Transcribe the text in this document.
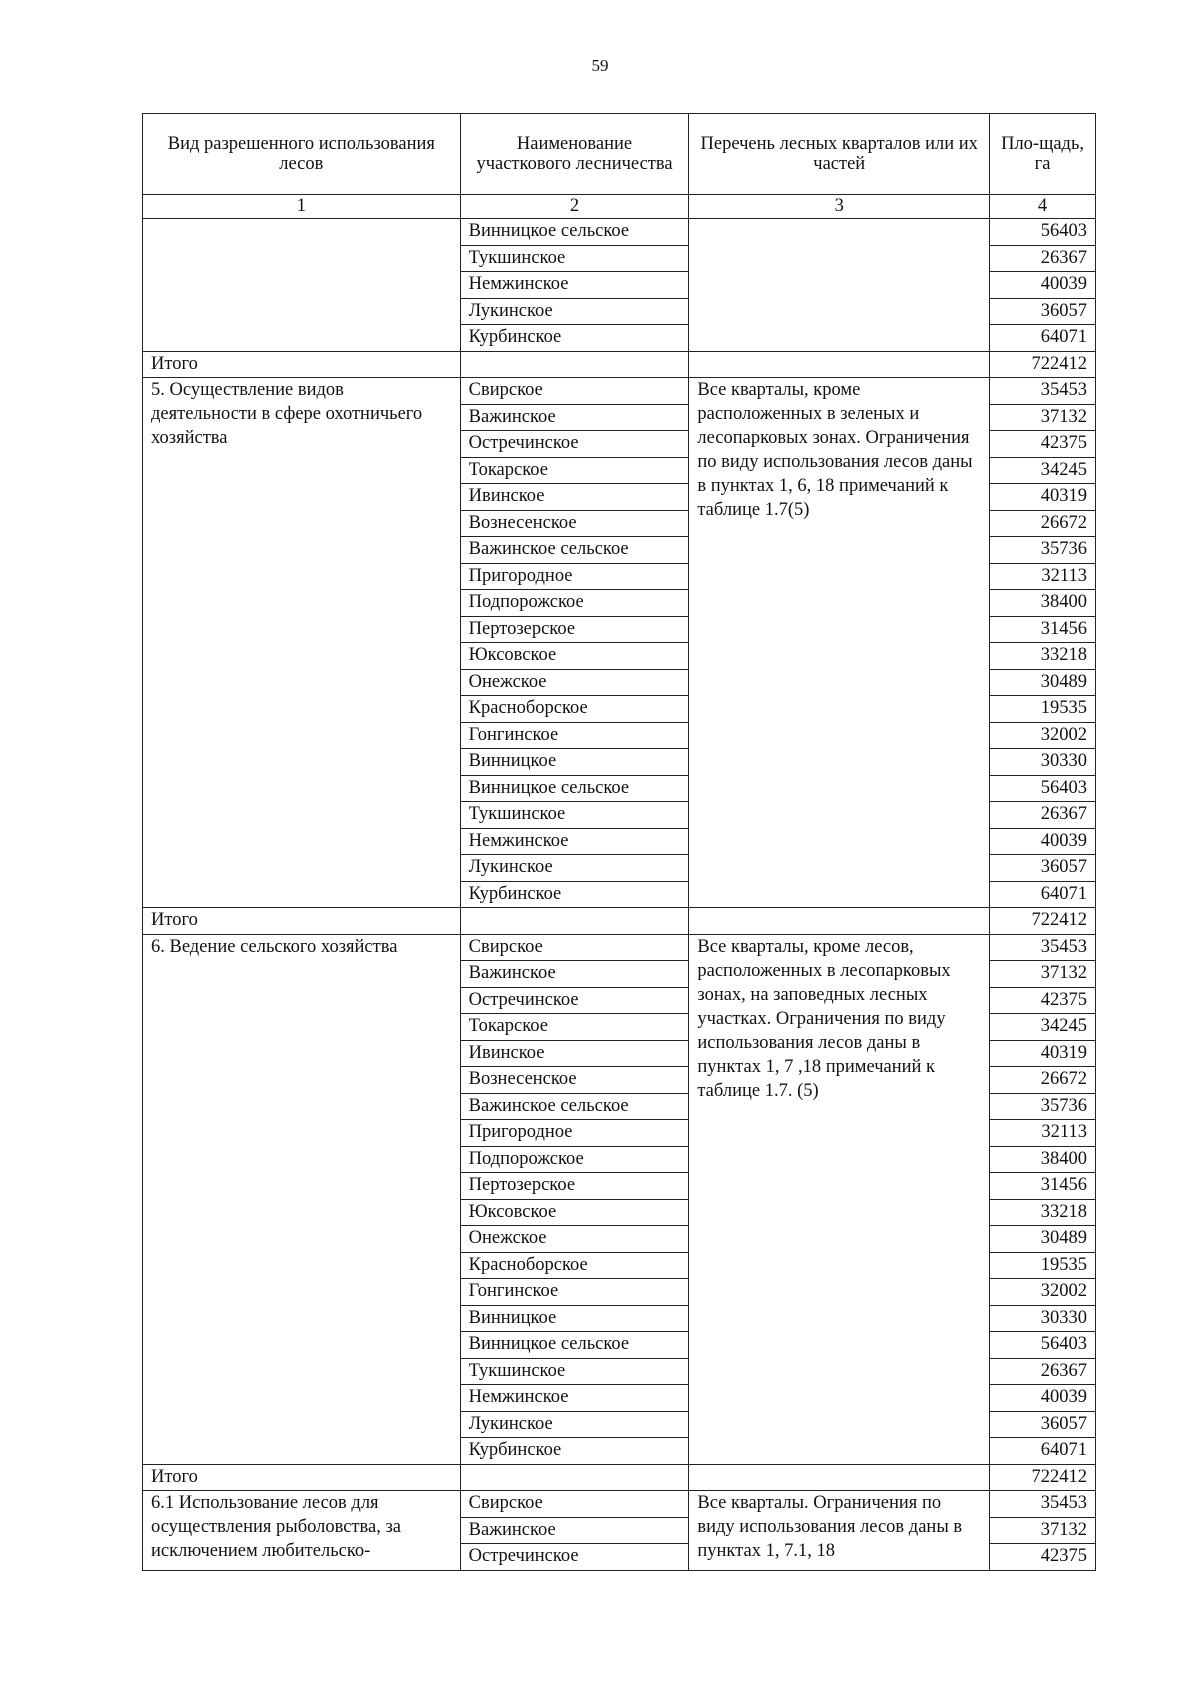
59
Вид разрешенного использования лесов	Наименование участкового лесничества	Перечень лесных кварталов или их частей	Пло-щадь, га
1	2	3	4
	Винницкое сельское		56403
	Тукшинское		26367
	Немжинское		40039
	Лукинское		36057
	Курбинское		64071
Итого			722412
5. Осуществление видов деятельности в сфере охотничьего хозяйства	Свирское	Все кварталы, кроме расположенных в зеленых и лесопарковых зонах. Ограничения по виду использования лесов даны в пунктах 1, 6, 18 примечаний к таблице 1.7(5)	35453
	Важинское		37132
	Остречинское		42375
	Токарское		34245
	Ивинское		40319
	Вознесенское		26672
	Важинское сельское		35736
	Пригородное		32113
	Подпорожское		38400
	Пертозерское		31456
	Юксовское		33218
	Онежское		30489
	Красноборское		19535
	Гонгинское		32002
	Винницкое		30330
	Винницкое сельское		56403
	Тукшинское		26367
	Немжинское		40039
	Лукинское		36057
	Курбинское		64071
Итого			722412
6. Ведение сельского хозяйства	Свирское	Все кварталы, кроме лесов, расположенных в лесопарковых зонах, на заповедных лесных участках. Ограничения по виду использования лесов даны в пунктах 1, 7 ,18 примечаний к таблице 1.7. (5)	35453
	Важинское		37132
	Остречинское		42375
	Токарское		34245
	Ивинское		40319
	Вознесенское		26672
	Важинское сельское		35736
	Пригородное		32113
	Подпорожское		38400
	Пертозерское		31456
	Юксовское		33218
	Онежское		30489
	Красноборское		19535
	Гонгинское		32002
	Винницкое		30330
	Винницкое сельское		56403
	Тукшинское		26367
	Немжинское		40039
	Лукинское		36057
	Курбинское		64071
Итого			722412
6.1 Использование лесов для осуществления рыболовства, за исключением любительско-	Свирское	Все кварталы. Ограничения по виду использования лесов даны в пунктах 1, 7.1, 18	35453
	Важинское		37132
	Остречинское		42375
